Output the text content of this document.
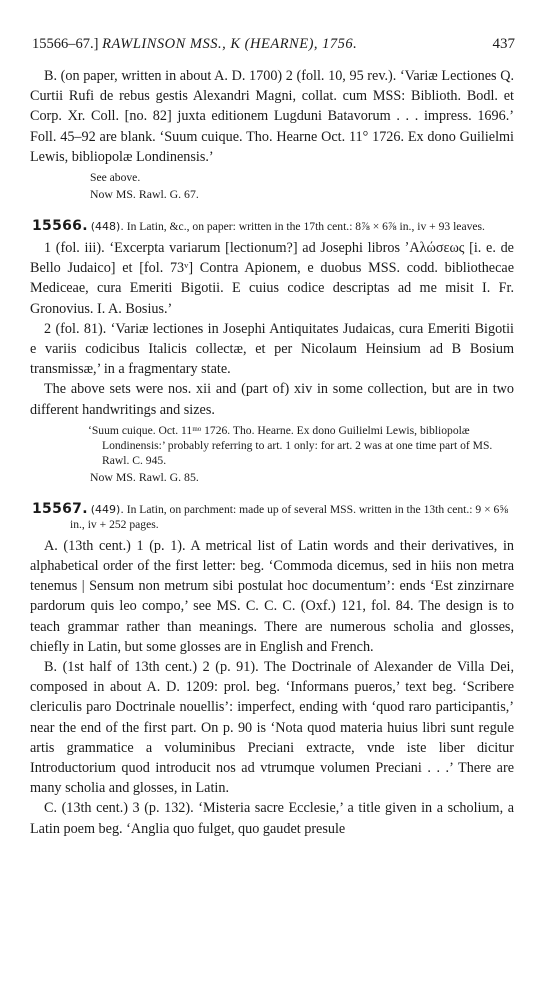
15566–67.] RAWLINSON MSS., K (HEARNE), 1756.	437

B. (on paper, written in about A. D. 1700) 2 (foll. 10, 95 rev.). ‘Variæ Lectiones Q. Curtii Rufi de rebus gestis Alexandri Magni, collat. cum MSS: Biblioth. Bodl. et Corp. Xr. Coll. [no. 82] juxta editionem Lugduni Batavorum . . . impress. 1696.’ Foll. 45–92 are blank. ‘Suum cuique. Tho. Hearne Oct. 11° 1726. Ex dono Guilielmi Lewis, bibliopolæ Londinensis.’

See above.

Now MS. Rawl. G. 67.

15566. (448). In Latin, &c., on paper: written in the 17th cent.: 8⅞ × 6⅞ in., iv + 93 leaves.

1 (fol. iii). ‘Excerpta variarum [lectionum?] ad Josephi libros ʼΑλώσεως [i. e. de Bello Judaico] et [fol. 73ᵛ] Contra Apionem, e duobus MSS. codd. bibliothecae Mediceae, cura Emeriti Bigotii. E cuius codice descriptas ad me misit I. Fr. Gronovius. I. A. Bosius.’

2 (fol. 81). ‘Variæ lectiones in Josephi Antiquitates Judaicas, cura Emeriti Bigotii e variis codicibus Italicis collectæ, et per Nicolaum Heinsium ad B Bosium transmissæ,’ in a fragmentary state.

The above sets were nos. xii and (part of) xiv in some collection, but are in two different handwritings and sizes.

‘Suum cuique. Oct. 11ᵐᵒ 1726. Tho. Hearne. Ex dono Guilielmi Lewis, bibliopolæ Londinensis:’ probably referring to art. 1 only: for art. 2 was at one time part of MS. Rawl. C. 945.

Now MS. Rawl. G. 85.

15567. (449). In Latin, on parchment: made up of several MSS. written in the 13th cent.: 9 × 6⅝ in., iv + 252 pages.

A. (13th cent.) 1 (p. 1). A metrical list of Latin words and their derivatives, in alphabetical order of the first letter: beg. ‘Commoda dicemus, sed in hiis non metra tenemus | Sensum non metrum sibi postulat hoc documentum’: ends ‘Est zinzirnare pardorum quis leo compo,’ see MS. C. C. C. (Oxf.) 121, fol. 84. The design is to teach grammar rather than meanings. There are numerous scholia and glosses, chiefly in Latin, but some glosses are in English and French.

B. (1st half of 13th cent.) 2 (p. 91). The Doctrinale of Alexander de Villa Dei, composed in about A. D. 1209: prol. beg. ‘Informans pueros,’ text beg. ‘Scribere clericulis paro Doctrinale nouellis’: imperfect, ending with ‘quod raro participantis,’ near the end of the first part. On p. 90 is ‘Nota quod materia huius libri sunt regule artis grammatice a voluminibus Preciani extracte, vnde iste liber dicitur Introductorium quod introducit nos ad vtrumque volumen Preciani . . .’ There are many scholia and glosses, in Latin.

C. (13th cent.) 3 (p. 132). ‘Misteria sacre Ecclesie,’ a title given in a scholium, a Latin poem beg. ‘Anglia quo fulget, quo gaudet presule
